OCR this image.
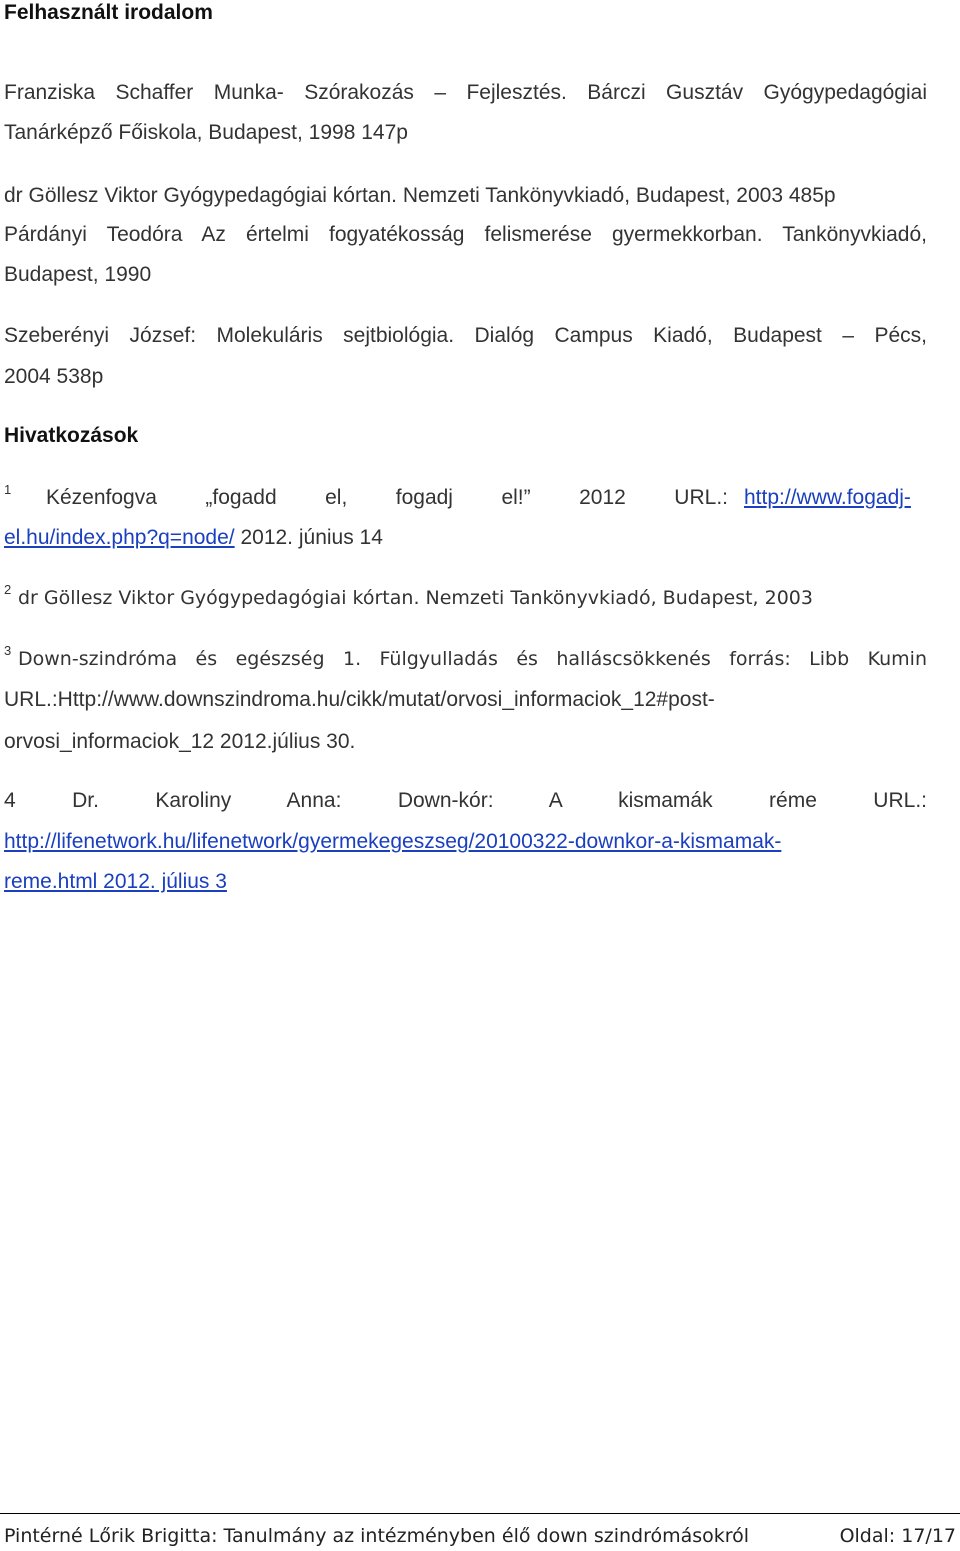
Felhasznált irodalom
Franziska Schaffer Munka- Szórakozás – Fejlesztés. Bárczi Gusztáv Gyógypedagógiai
Tanárképző Főiskola, Budapest, 1998 147p
dr Göllesz Viktor Gyógypedagógiai kórtan. Nemzeti Tankönyvkiadó, Budapest, 2003 485p
Párdányi Teodóra Az értelmi fogyatékosság felismerése gyermekkorban. Tankönyvkiadó,
Budapest, 1990
Szeberényi József: Molekuláris sejtbiológia. Dialóg Campus Kiadó, Budapest – Pécs,
2004 538p
Hivatkozások
1 Kézenfogva „fogadd el, fogadj el!” 2012 URL.: http://www.fogadj-
el.hu/index.php?q=node/ 2012. június 14
2 dr Göllesz Viktor Gyógypedagógiai kórtan. Nemzeti Tankönyvkiadó, Budapest, 2003
3 Down-szindróma és egészség 1. Fülgyulladás és halláscsökkenés forrás: Libb Kumin
URL.:Http://www.downszindroma.hu/cikk/mutat/orvosi_informaciok_12#post-
orvosi_informaciok_12 2012.július 30.
4 Dr. Karoliny Anna: Down-kór: A kismamák réme URL.:
http://lifenetwork.hu/lifenetwork/gyermekegeszseg/20100322-downkor-a-kismamak-
reme.html 2012. július 3
Pintérné Lőrik Brigitta: Tanulmány az intézményben élő down szindrómásokról	Oldal: 17/17
